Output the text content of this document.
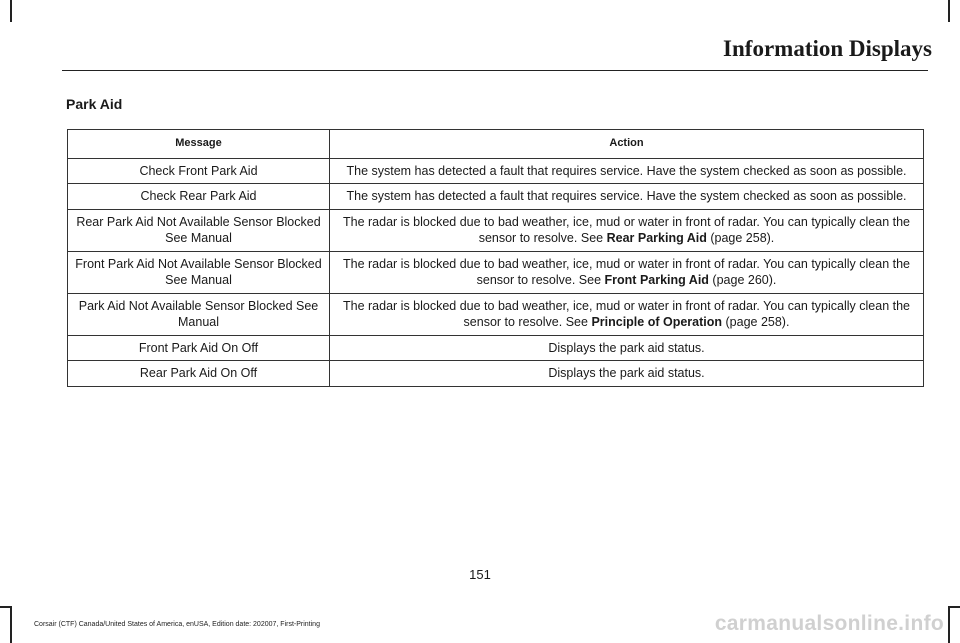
Information Displays
Park Aid
Message	Action
Check Front Park Aid	The system has detected a fault that requires service. Have the system checked as soon as possible.
Check Rear Park Aid	The system has detected a fault that requires service. Have the system checked as soon as possible.
Rear Park Aid Not Available Sensor Blocked See Manual	The radar is blocked due to bad weather, ice, mud or water in front of radar. You can typically clean the sensor to resolve. See Rear Parking Aid (page 258).
Front Park Aid Not Available Sensor Blocked See Manual	The radar is blocked due to bad weather, ice, mud or water in front of radar. You can typically clean the sensor to resolve. See Front Parking Aid (page 260).
Park Aid Not Available Sensor Blocked See Manual	The radar is blocked due to bad weather, ice, mud or water in front of radar. You can typically clean the sensor to resolve. See Principle of Operation (page 258).
Front Park Aid On Off	Displays the park aid status.
Rear Park Aid On Off	Displays the park aid status.
151
Corsair (CTF) Canada/United States of America, enUSA, Edition date: 202007, First-Printing	carmanualsonline.info
